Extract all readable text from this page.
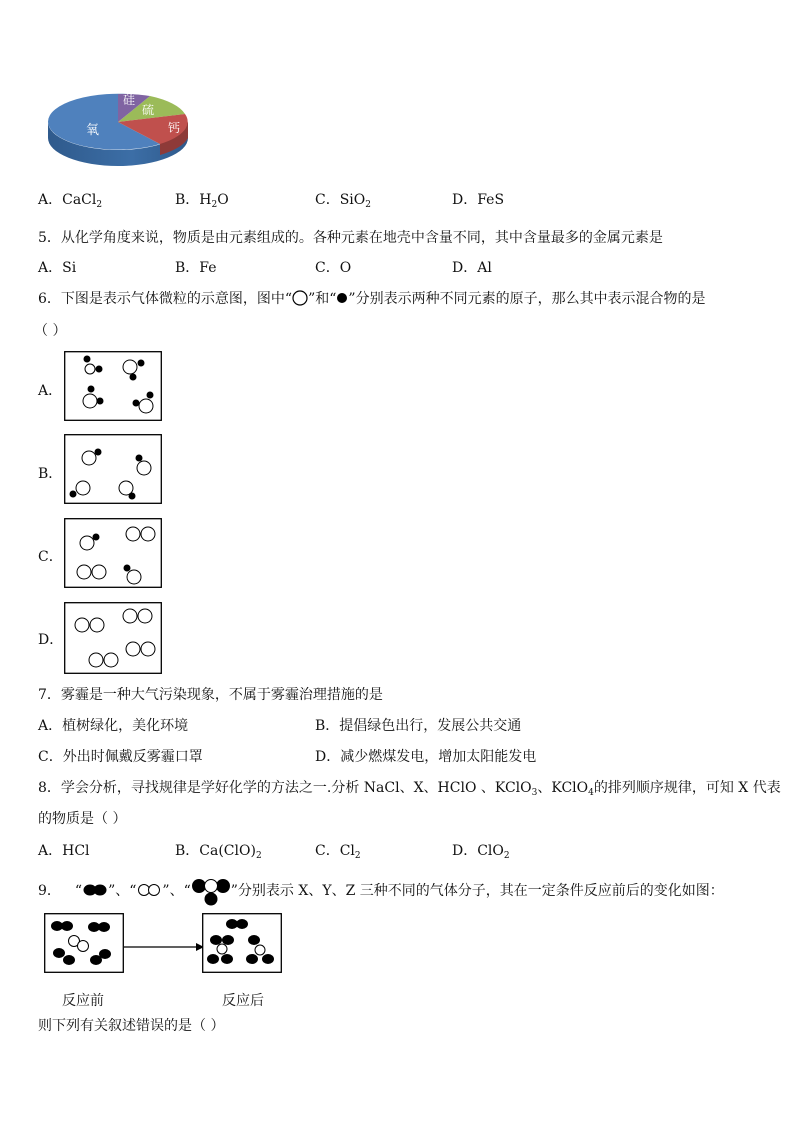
硅
硫
钙
氧
A．CaCl$_2$	B．$H_2O$	C．SiO$_2$	D．FeS
5．从化学角度来说，物质是由元素组成的。各种元素在地壳中含量不同，其中含量最多的金属元素是
A．Si	B．Fe	C．O	D．Al
6．下图是表示气体微粒的示意图，图中“ ”和“ ”分别表示两种不同元素的原子，那么其中表示混合物的是
（ ）
A．
B．
C．
D．
7．雾霾是一种大气污染现象，不属于雾霾治理措施的是
A．植树绿化，美化环境	B．提倡绿色出行，发展公共交通
C．外出时佩戴反雾霾口罩	D．减少燃煤发电，增加太阳能发电
8．学会分析，寻找规律是学好化学的方法之一.分析 NaCl、X、HClO 、KClO$_3$、KClO$_4$的排列顺序规律，可知 X 代表
的物质是（ ）
A．HCl	B．$Ca(ClO)_2$	C．$Cl_2$	D．ClO$_2$
9． “ ”、“ ”、“	”分别表示 X、Y、Z 三种不同的气体分子，其在一定条件反应前后的变化如图：
反应前	反应后
则下列有关叙述错误的是（ ）
